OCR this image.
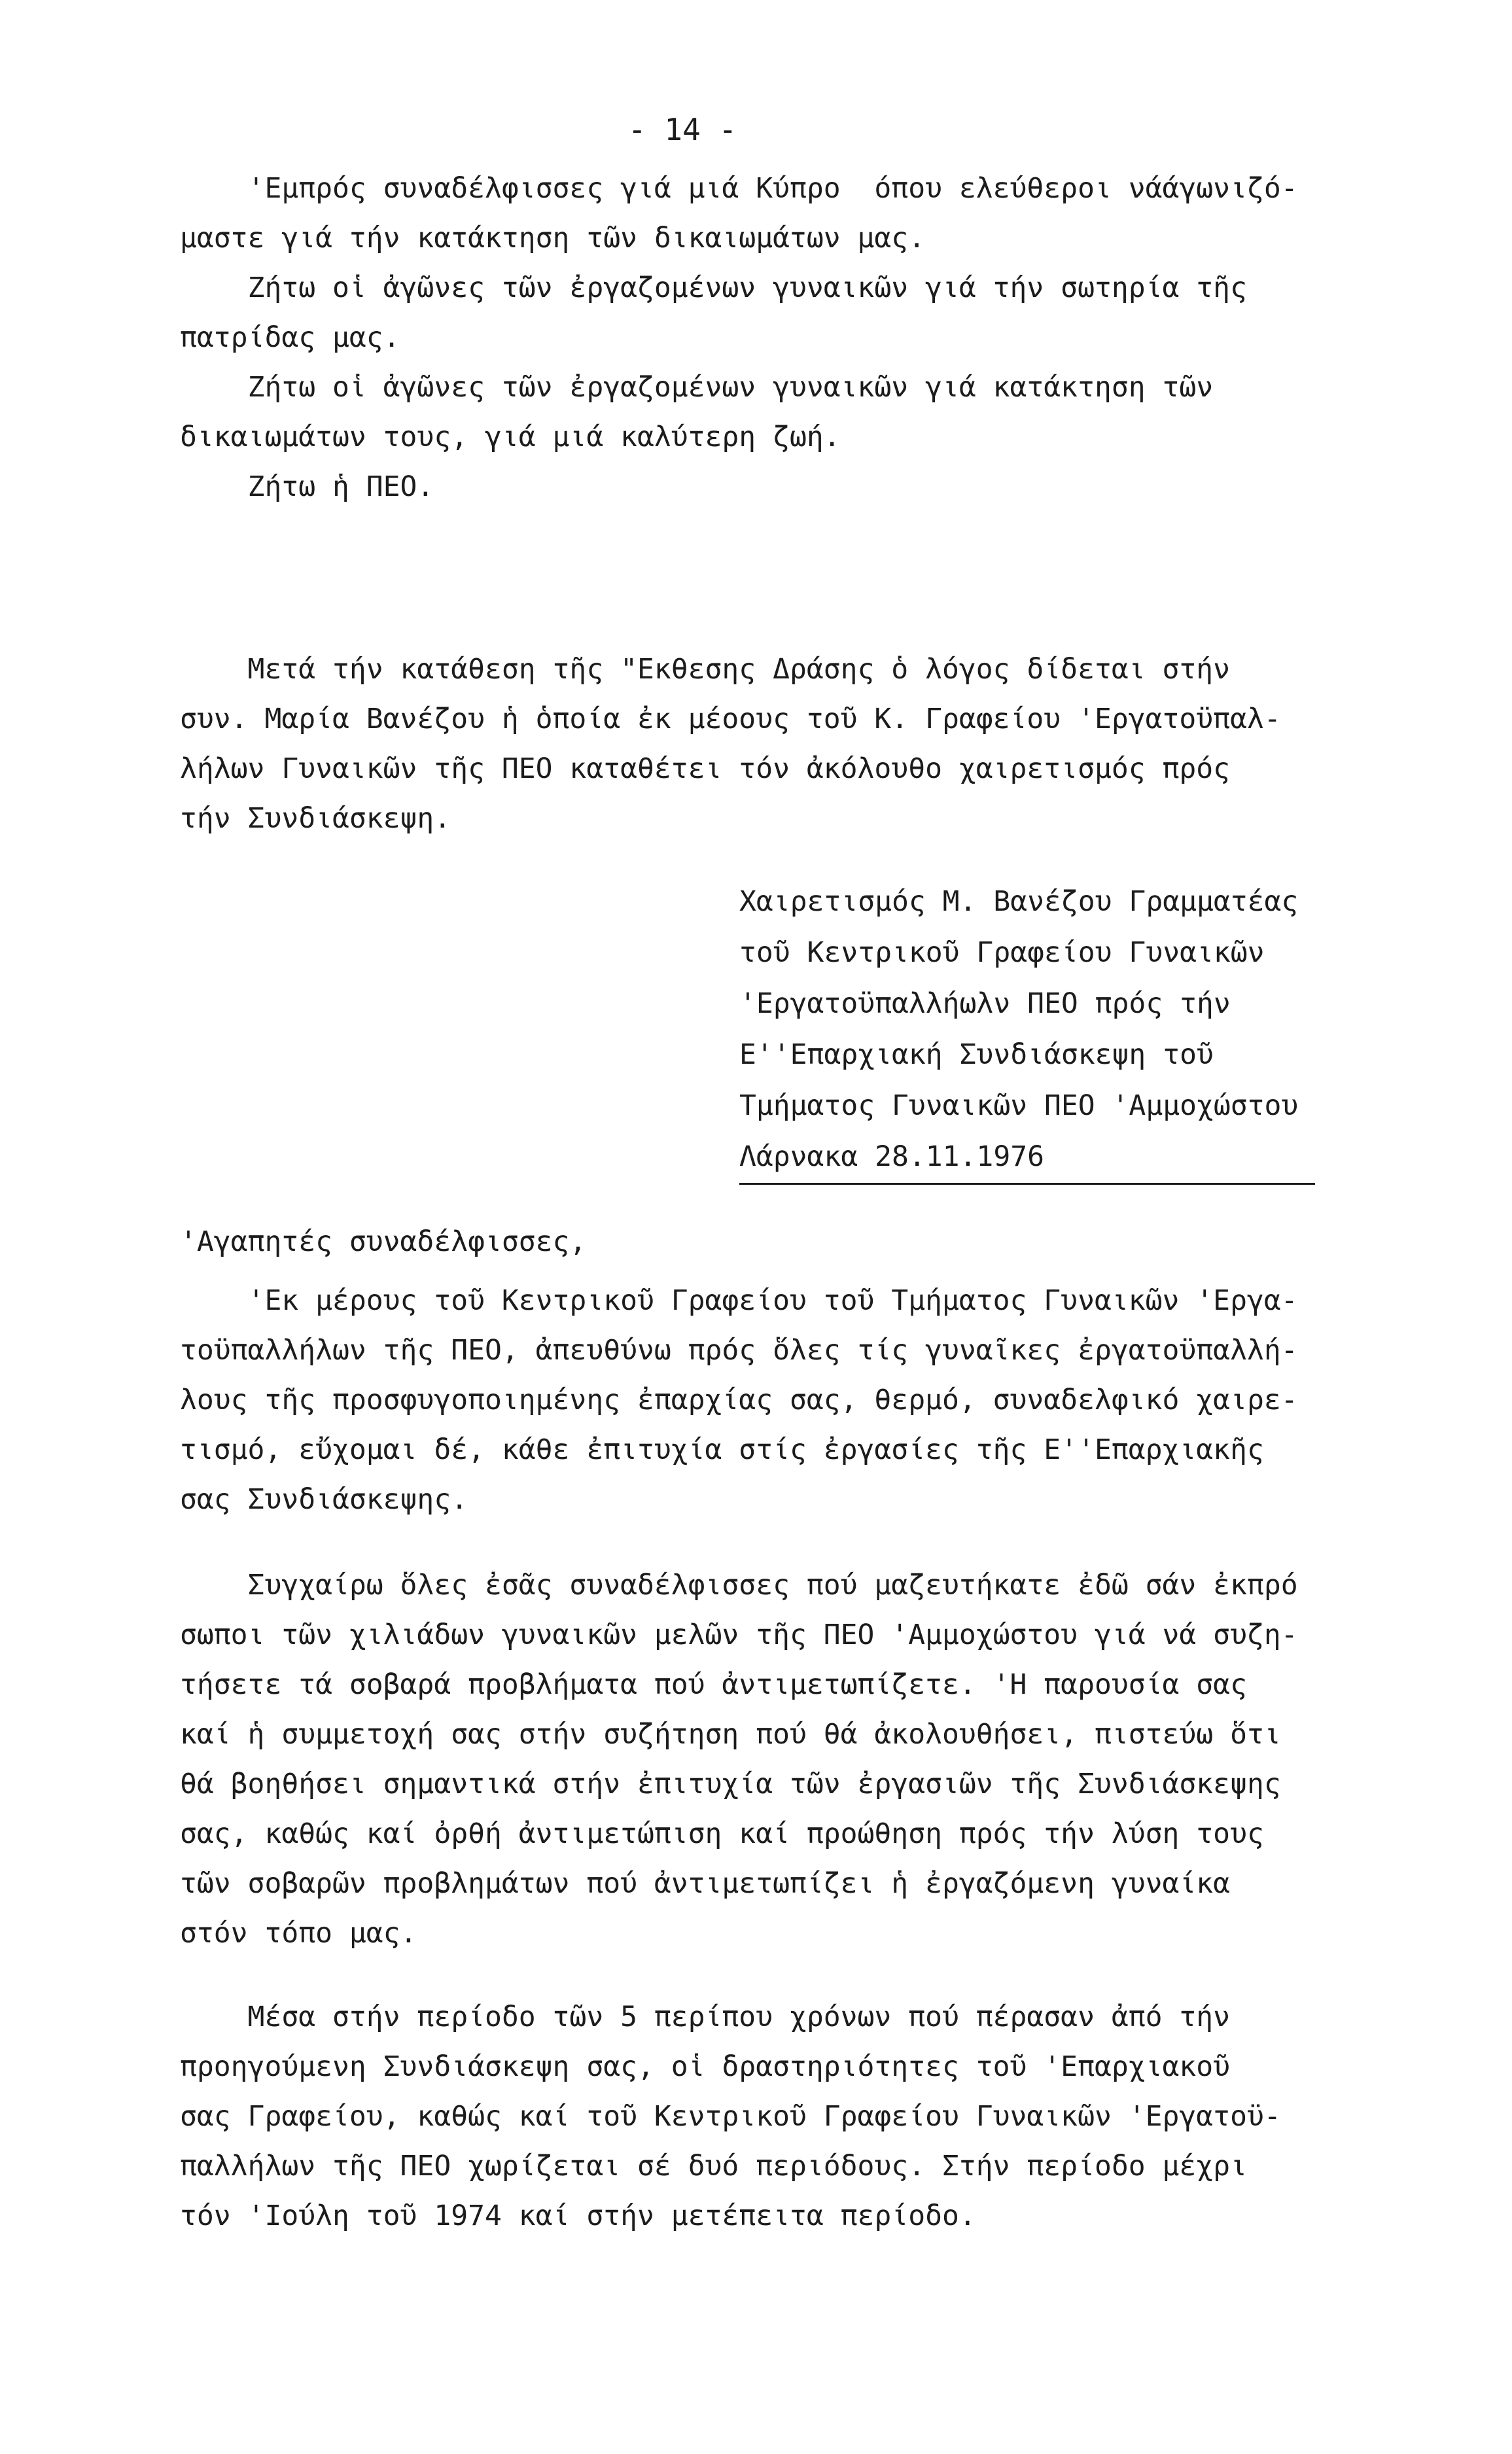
- 14 -
'Εμπρός συναδέλφισσες γιά μιά Κύπρο  όπου ελεύθεροι νάάγωνιζό-
μαστε γιά τήν κατάκτηση τῶν δικαιωμάτων μας.
Ζήτω οἱ ἀγῶνες τῶν ἐργαζομένων γυναικῶν γιά τήν σωτηρία τῆς
πατρίδας μας.
Ζήτω οἱ ἀγῶνες τῶν ἐργαζομένων γυναικῶν γιά κατάκτηση τῶν
δικαιωμάτων τους, γιά μιά καλύτερη ζωή.
Ζήτω ἡ ΠΕΟ.
Μετά τήν κατάθεση τῆς "Εκθεσης Δράσης ὁ λόγος δίδεται στήν
συν. Μαρία Βανέζου ἡ ὁποία ἐκ μέοους τοῦ Κ. Γραφείου 'Εργατοϋπαλ-
λήλων Γυναικῶν τῆς ΠΕΟ καταθέτει τόν ἀκόλουθο χαιρετισμός πρός
τήν Συνδιάσκεψη.
Χαιρετισμός Μ. Βανέζου Γραμματέας
τοῦ Κεντρικοῦ Γραφείου Γυναικῶν
'Εργατοϋπαλλήωλν ΠΕΟ πρός τήν
Ε''Επαρχιακή Συνδιάσκεψη τοῦ
Τμήματος Γυναικῶν ΠΕΟ 'Αμμοχώστου
Λάρνακα 28.11.1976
'Αγαπητές συναδέλφισσες,
'Εκ μέρους τοῦ Κεντρικοῦ Γραφείου τοῦ Τμήματος Γυναικῶν 'Εργα-
τοϋπαλλήλων τῆς ΠΕΟ, ἀπευθύνω πρός ὅλες τίς γυναῖκες ἐργατοϋπαλλή-
λους τῆς προσφυγοποιημένης ἐπαρχίας σας, θερμό, συναδελφικό χαιρε-
τισμό, εὔχομαι δέ, κάθε ἐπιτυχία στίς ἐργασίες τῆς Ε''Επαρχιακῆς
σας Συνδιάσκεψης.
Συγχαίρω ὅλες ἐσᾶς συναδέλφισσες πού μαζευτήκατε ἐδῶ σάν ἐκπρό
σωποι τῶν χιλιάδων γυναικῶν μελῶν τῆς ΠΕΟ 'Αμμοχώστου γιά νά συζη-
τήσετε τά σοβαρά προβλήματα πού ἀντιμετωπίζετε. 'Η παρουσία σας
καί ἡ συμμετοχή σας στήν συζήτηση πού θά ἀκολουθήσει, πιστεύω ὅτι
θά βοηθήσει σημαντικά στήν ἐπιτυχία τῶν ἐργασιῶν τῆς Συνδιάσκεψης
σας, καθώς καί ὀρθή ἀντιμετώπιση καί προώθηση πρός τήν λύση τους
τῶν σοβαρῶν προβλημάτων πού ἀντιμετωπίζει ἡ ἐργαζόμενη γυναίκα
στόν τόπο μας.
Μέσα στήν περίοδο τῶν 5 περίπου χρόνων πού πέρασαν ἀπό τήν
προηγούμενη Συνδιάσκεψη σας, οἱ δραστηριότητες τοῦ 'Επαρχιακοῦ
σας Γραφείου, καθώς καί τοῦ Κεντρικοῦ Γραφείου Γυναικῶν 'Εργατοϋ-
παλλήλων τῆς ΠΕΟ χωρίζεται σέ δυό περιόδους. Στήν περίοδο μέχρι
τόν 'Ιούλη τοῦ 1974 καί στήν μετέπειτα περίοδο.
